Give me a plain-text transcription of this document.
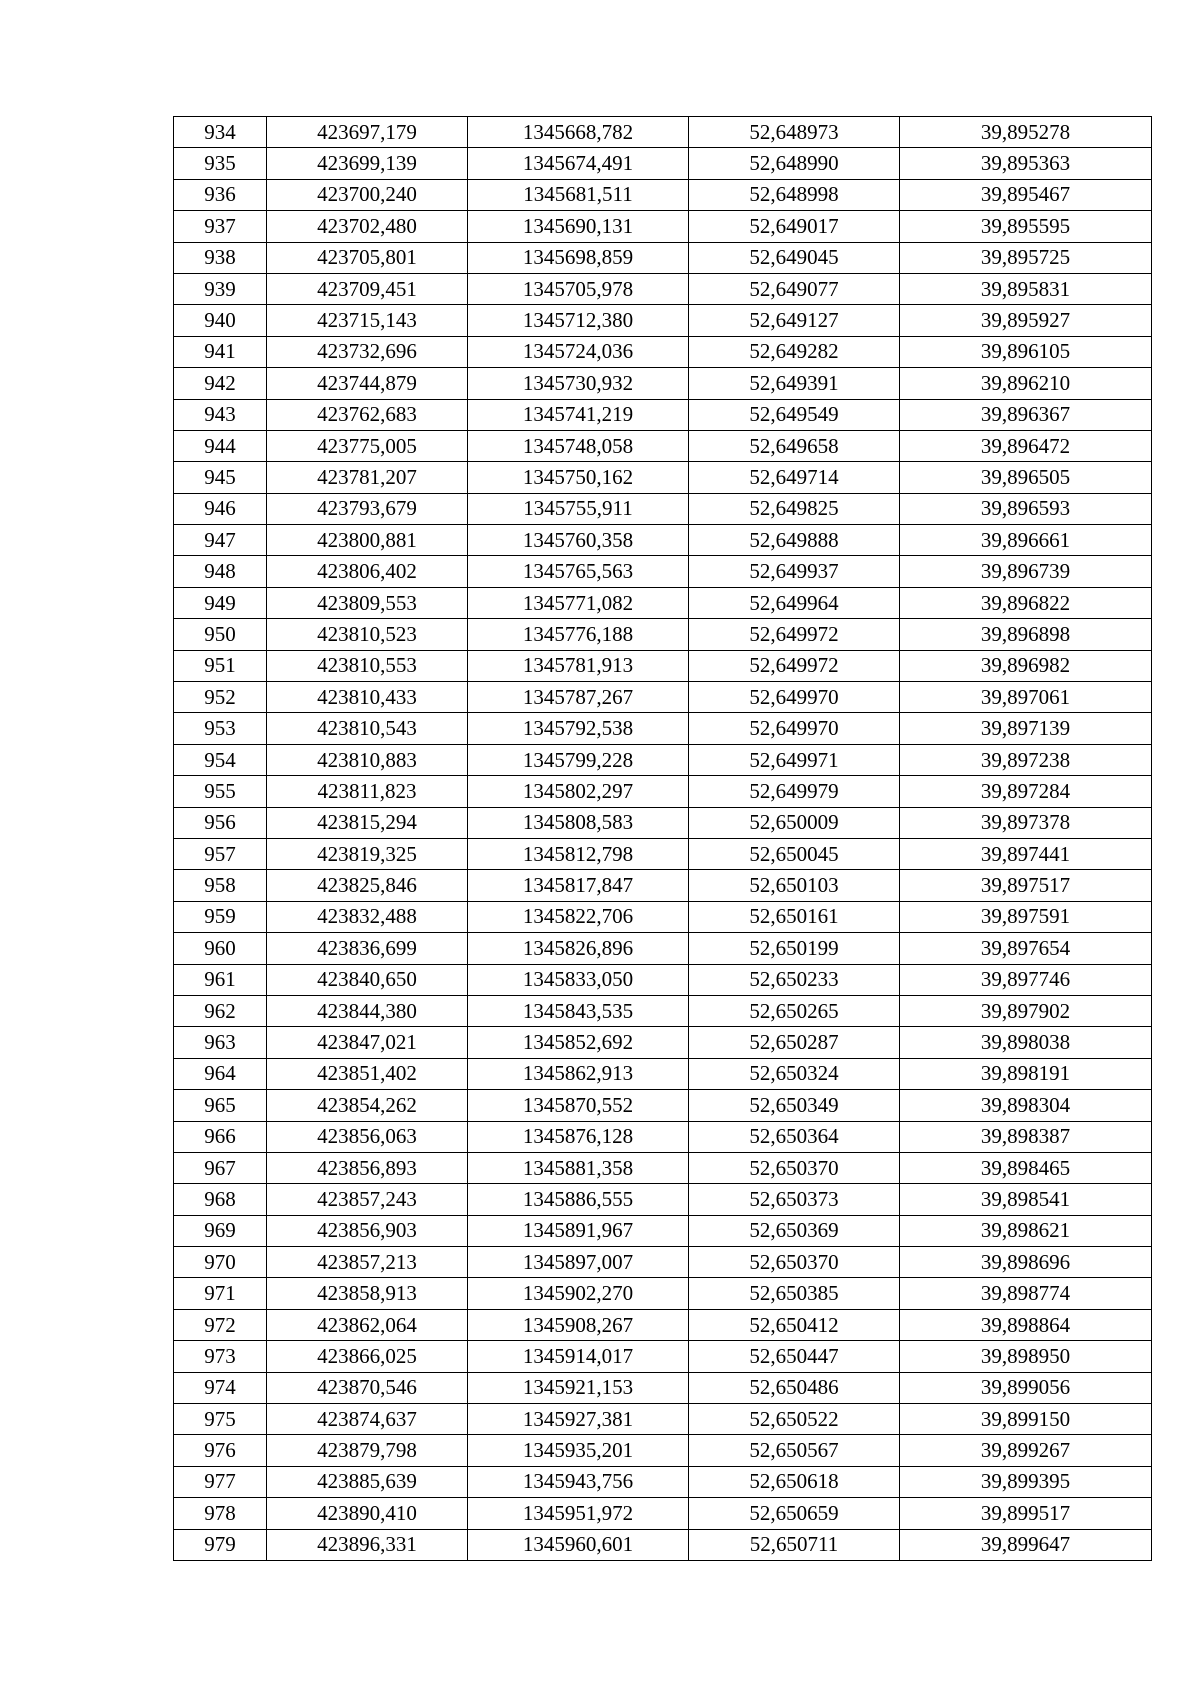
934	423697,179	1345668,782	52,648973	39,895278
935	423699,139	1345674,491	52,648990	39,895363
936	423700,240	1345681,511	52,648998	39,895467
937	423702,480	1345690,131	52,649017	39,895595
938	423705,801	1345698,859	52,649045	39,895725
939	423709,451	1345705,978	52,649077	39,895831
940	423715,143	1345712,380	52,649127	39,895927
941	423732,696	1345724,036	52,649282	39,896105
942	423744,879	1345730,932	52,649391	39,896210
943	423762,683	1345741,219	52,649549	39,896367
944	423775,005	1345748,058	52,649658	39,896472
945	423781,207	1345750,162	52,649714	39,896505
946	423793,679	1345755,911	52,649825	39,896593
947	423800,881	1345760,358	52,649888	39,896661
948	423806,402	1345765,563	52,649937	39,896739
949	423809,553	1345771,082	52,649964	39,896822
950	423810,523	1345776,188	52,649972	39,896898
951	423810,553	1345781,913	52,649972	39,896982
952	423810,433	1345787,267	52,649970	39,897061
953	423810,543	1345792,538	52,649970	39,897139
954	423810,883	1345799,228	52,649971	39,897238
955	423811,823	1345802,297	52,649979	39,897284
956	423815,294	1345808,583	52,650009	39,897378
957	423819,325	1345812,798	52,650045	39,897441
958	423825,846	1345817,847	52,650103	39,897517
959	423832,488	1345822,706	52,650161	39,897591
960	423836,699	1345826,896	52,650199	39,897654
961	423840,650	1345833,050	52,650233	39,897746
962	423844,380	1345843,535	52,650265	39,897902
963	423847,021	1345852,692	52,650287	39,898038
964	423851,402	1345862,913	52,650324	39,898191
965	423854,262	1345870,552	52,650349	39,898304
966	423856,063	1345876,128	52,650364	39,898387
967	423856,893	1345881,358	52,650370	39,898465
968	423857,243	1345886,555	52,650373	39,898541
969	423856,903	1345891,967	52,650369	39,898621
970	423857,213	1345897,007	52,650370	39,898696
971	423858,913	1345902,270	52,650385	39,898774
972	423862,064	1345908,267	52,650412	39,898864
973	423866,025	1345914,017	52,650447	39,898950
974	423870,546	1345921,153	52,650486	39,899056
975	423874,637	1345927,381	52,650522	39,899150
976	423879,798	1345935,201	52,650567	39,899267
977	423885,639	1345943,756	52,650618	39,899395
978	423890,410	1345951,972	52,650659	39,899517
979	423896,331	1345960,601	52,650711	39,899647
